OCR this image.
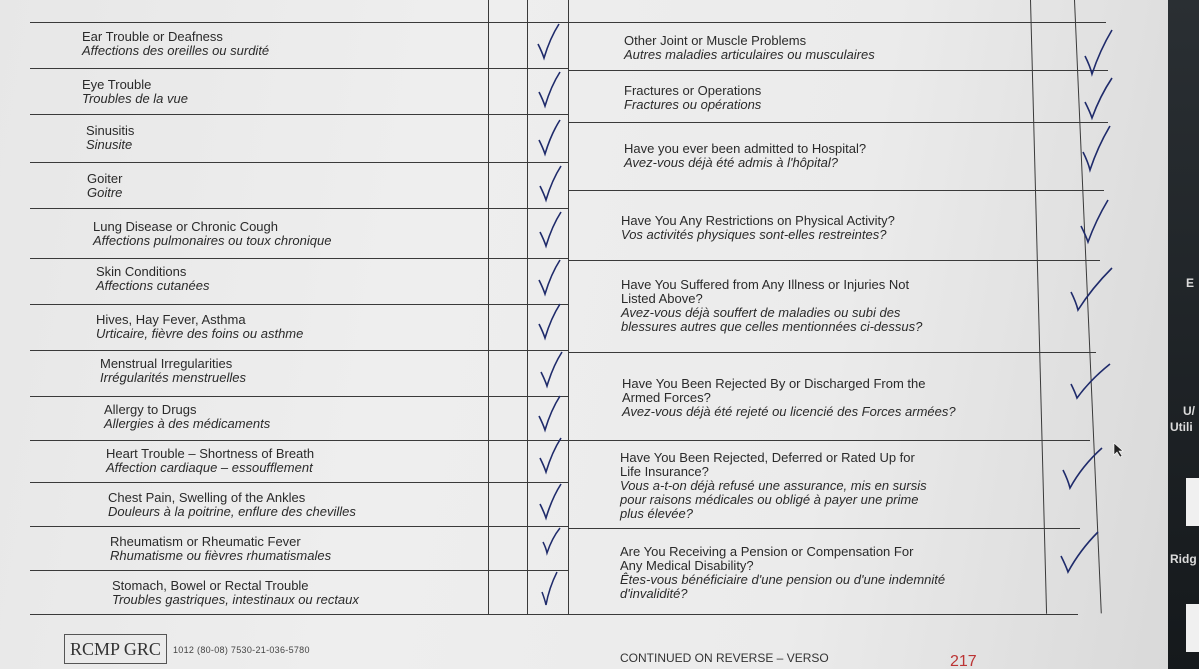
Ear Trouble or Deafness
Affections des oreilles ou surdité
Eye Trouble
Troubles de la vue
Sinusitis
Sinusite
Goiter
Goitre
Lung Disease or Chronic Cough
Affections pulmonaires ou toux chronique
Skin Conditions
Affections cutanées
Hives, Hay Fever, Asthma
Urticaire, fièvre des foins ou asthme
Menstrual Irregularities
Irrégularités menstruelles
Allergy to Drugs
Allergies à des médicaments
Heart Trouble – Shortness of Breath
Affection cardiaque – essoufflement
Chest Pain, Swelling of the Ankles
Douleurs à la poitrine, enflure des chevilles
Rheumatism or Rheumatic Fever
Rhumatisme ou fièvres rhumatismales
Stomach, Bowel or Rectal Trouble
Troubles gastriques, intestinaux ou rectaux
Other Joint or Muscle Problems
Autres maladies articulaires ou musculaires
Fractures or Operations
Fractures ou opérations
Have you ever been admitted to Hospital?
Avez-vous déjà été admis à l'hôpital?
Have You Any Restrictions on Physical Activity?
Vos activités physiques sont-elles restreintes?
Have You Suffered from Any Illness or Injuries Not
Listed Above?
Avez-vous déjà souffert de maladies ou subi des
blessures autres que celles mentionnées ci-dessus?
Have You Been Rejected By or Discharged From the
Armed Forces?
Avez-vous déjà été rejeté ou licencié des Forces armées?
Have You Been Rejected, Deferred or Rated Up for
Life Insurance?
Vous a-t-on déjà refusé une assurance, mis en sursis
pour raisons médicales ou obligé à payer une prime
plus élevée?
Are You Receiving a Pension or Compensation For
Any Medical Disability?
Êtes-vous bénéficiaire d'une pension ou d'une indemnité
d'invalidité?
RCMP GRC	1012 (80-08) 7530-21-036-5780
CONTINUED ON REVERSE – VERSO	217
E
U/
Utili
Ridg
